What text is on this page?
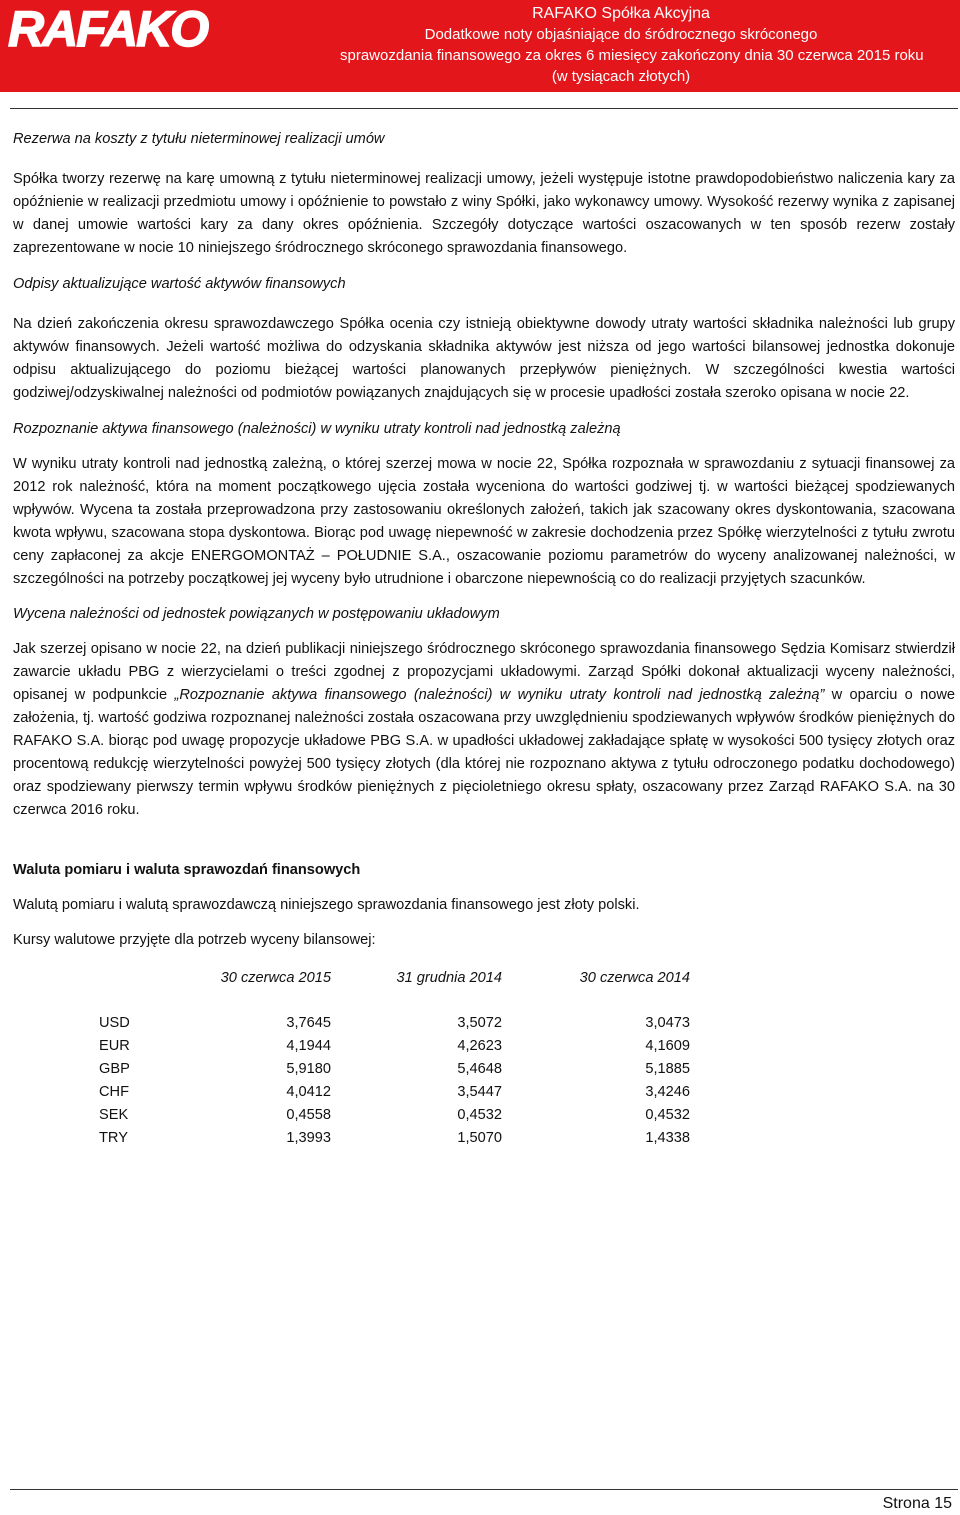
RAFAKO	RAFAKO Spółka Akcyjna
Dodatkowe noty objaśniające do śródrocznego skróconego
sprawozdania finansowego za okres 6 miesięcy zakończony dnia 30 czerwca 2015 roku
(w tysiącach złotych)

Rezerwa na koszty z tytułu nieterminowej realizacji umów

Spółka tworzy rezerwę na karę umowną z tytułu nieterminowej realizacji umowy, jeżeli występuje istotne prawdopodobieństwo naliczenia kary za opóźnienie w realizacji przedmiotu umowy i opóźnienie to powstało z winy Spółki, jako wykonawcy umowy. Wysokość rezerwy wynika z zapisanej w danej umowie wartości kary za dany okres opóźnienia. Szczegóły dotyczące wartości oszacowanych w ten sposób rezerw zostały zaprezentowane w nocie 10 niniejszego śródrocznego skróconego sprawozdania finansowego.

Odpisy aktualizujące wartość aktywów finansowych

Na dzień zakończenia okresu sprawozdawczego Spółka ocenia czy istnieją obiektywne dowody utraty wartości składnika należności lub grupy aktywów finansowych. Jeżeli wartość możliwa do odzyskania składnika aktywów jest niższa od jego wartości bilansowej jednostka dokonuje odpisu aktualizującego do poziomu bieżącej wartości planowanych przepływów pieniężnych. W szczególności kwestia wartości godziwej/odzyskiwalnej należności od podmiotów powiązanych znajdujących się w procesie upadłości została szeroko opisana w nocie 22.

Rozpoznanie aktywa finansowego (należności) w wyniku utraty kontroli nad jednostką zależną

W wyniku utraty kontroli nad jednostką zależną, o której szerzej mowa w nocie 22, Spółka rozpoznała w sprawozdaniu z sytuacji finansowej za 2012 rok należność, która na moment początkowego ujęcia została wyceniona do wartości godziwej tj. w wartości bieżącej spodziewanych wpływów. Wycena ta została przeprowadzona przy zastosowaniu określonych założeń, takich jak szacowany okres dyskontowania, szacowana kwota wpływu, szacowana stopa dyskontowa. Biorąc pod uwagę niepewność w zakresie dochodzenia przez Spółkę wierzytelności z tytułu zwrotu ceny zapłaconej za akcje ENERGOMONTAŻ – POŁUDNIE S.A., oszacowanie poziomu parametrów do wyceny analizowanej należności, w szczególności na potrzeby początkowej jej wyceny było utrudnione i obarczone niepewnością co do realizacji przyjętych szacunków.

Wycena należności od jednostek powiązanych w postępowaniu układowym

Jak szerzej opisano w nocie 22, na dzień publikacji niniejszego śródrocznego skróconego sprawozdania finansowego Sędzia Komisarz stwierdził zawarcie układu PBG z wierzycielami o treści zgodnej z propozycjami układowymi. Zarząd Spółki dokonał aktualizacji wyceny należności, opisanej w podpunkcie „Rozpoznanie aktywa finansowego (należności) w wyniku utraty kontroli nad jednostką zależną” w oparciu o nowe założenia, tj. wartość godziwa rozpoznanej należności została oszacowana przy uwzględnieniu spodziewanych wpływów środków pieniężnych do RAFAKO S.A. biorąc pod uwagę propozycje układowe PBG S.A. w upadłości układowej zakładające spłatę w wysokości 500 tysięcy złotych oraz procentową redukcję wierzytelności powyżej 500 tysięcy złotych (dla której nie rozpoznano aktywa z tytułu odroczonego podatku dochodowego) oraz spodziewany pierwszy termin wpływu środków pieniężnych z pięcioletniego okresu spłaty, oszacowany przez Zarząd RAFAKO S.A. na 30 czerwca 2016 roku.

Waluta pomiaru i waluta sprawozdań finansowych

Walutą pomiaru i walutą sprawozdawczą niniejszego sprawozdania finansowego jest złoty polski.

Kursy walutowe przyjęte dla potrzeb wyceny bilansowej:

	30 czerwca 2015	31 grudnia 2014	30 czerwca 2014
USD	3,7645	3,5072	3,0473
EUR	4,1944	4,2623	4,1609
GBP	5,9180	5,4648	5,1885
CHF	4,0412	3,5447	3,4246
SEK	0,4558	0,4532	0,4532
TRY	1,3993	1,5070	1,4338
Strona 15
